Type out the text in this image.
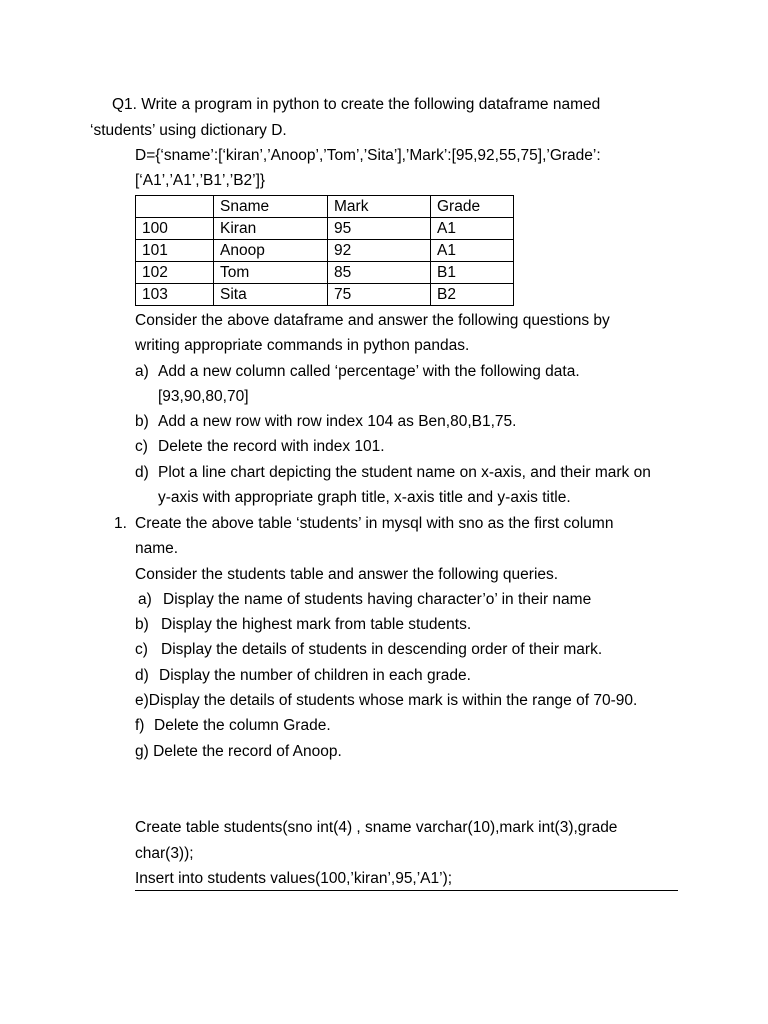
Q1. Write a program in python to create the following dataframe named
‘students’ using dictionary D.
D={‘sname’:[‘kiran’,’Anoop’,’Tom’,’Sita’],’Mark’:[95,92,55,75],’Grade’:
[‘A1’,’A1’,’B1’,’B2’]}
	Sname	Mark	Grade
100	Kiran	95	A1
101	Anoop	92	A1
102	Tom	85	B1
103	Sita	75	B2
Consider the above dataframe and answer the following questions by
writing appropriate commands in python pandas.
a) Add a new column called ‘percentage’ with the following data.
[93,90,80,70]
b) Add a new row with row index 104 as Ben,80,B1,75.
c) Delete the record with index 101.
d) Plot a line chart depicting the student name on x-axis, and their mark on
y-axis with appropriate graph title, x-axis title and y-axis title.
1. Create the above table ‘students’ in mysql with sno as the first column
name.
Consider the students table and answer the following queries.
a) Display the name of students having character’o’ in their name
b) Display the highest mark from table students.
c) Display the details of students in descending order of their mark.
d) Display the number of children in each grade.
e)Display the details of students whose mark is within the range of 70-90.
f) Delete the column Grade.
g) Delete the record of Anoop.
Create table students(sno int(4) , sname varchar(10),mark int(3),grade
char(3));
Insert into students values(100,’kiran’,95,’A1’);
